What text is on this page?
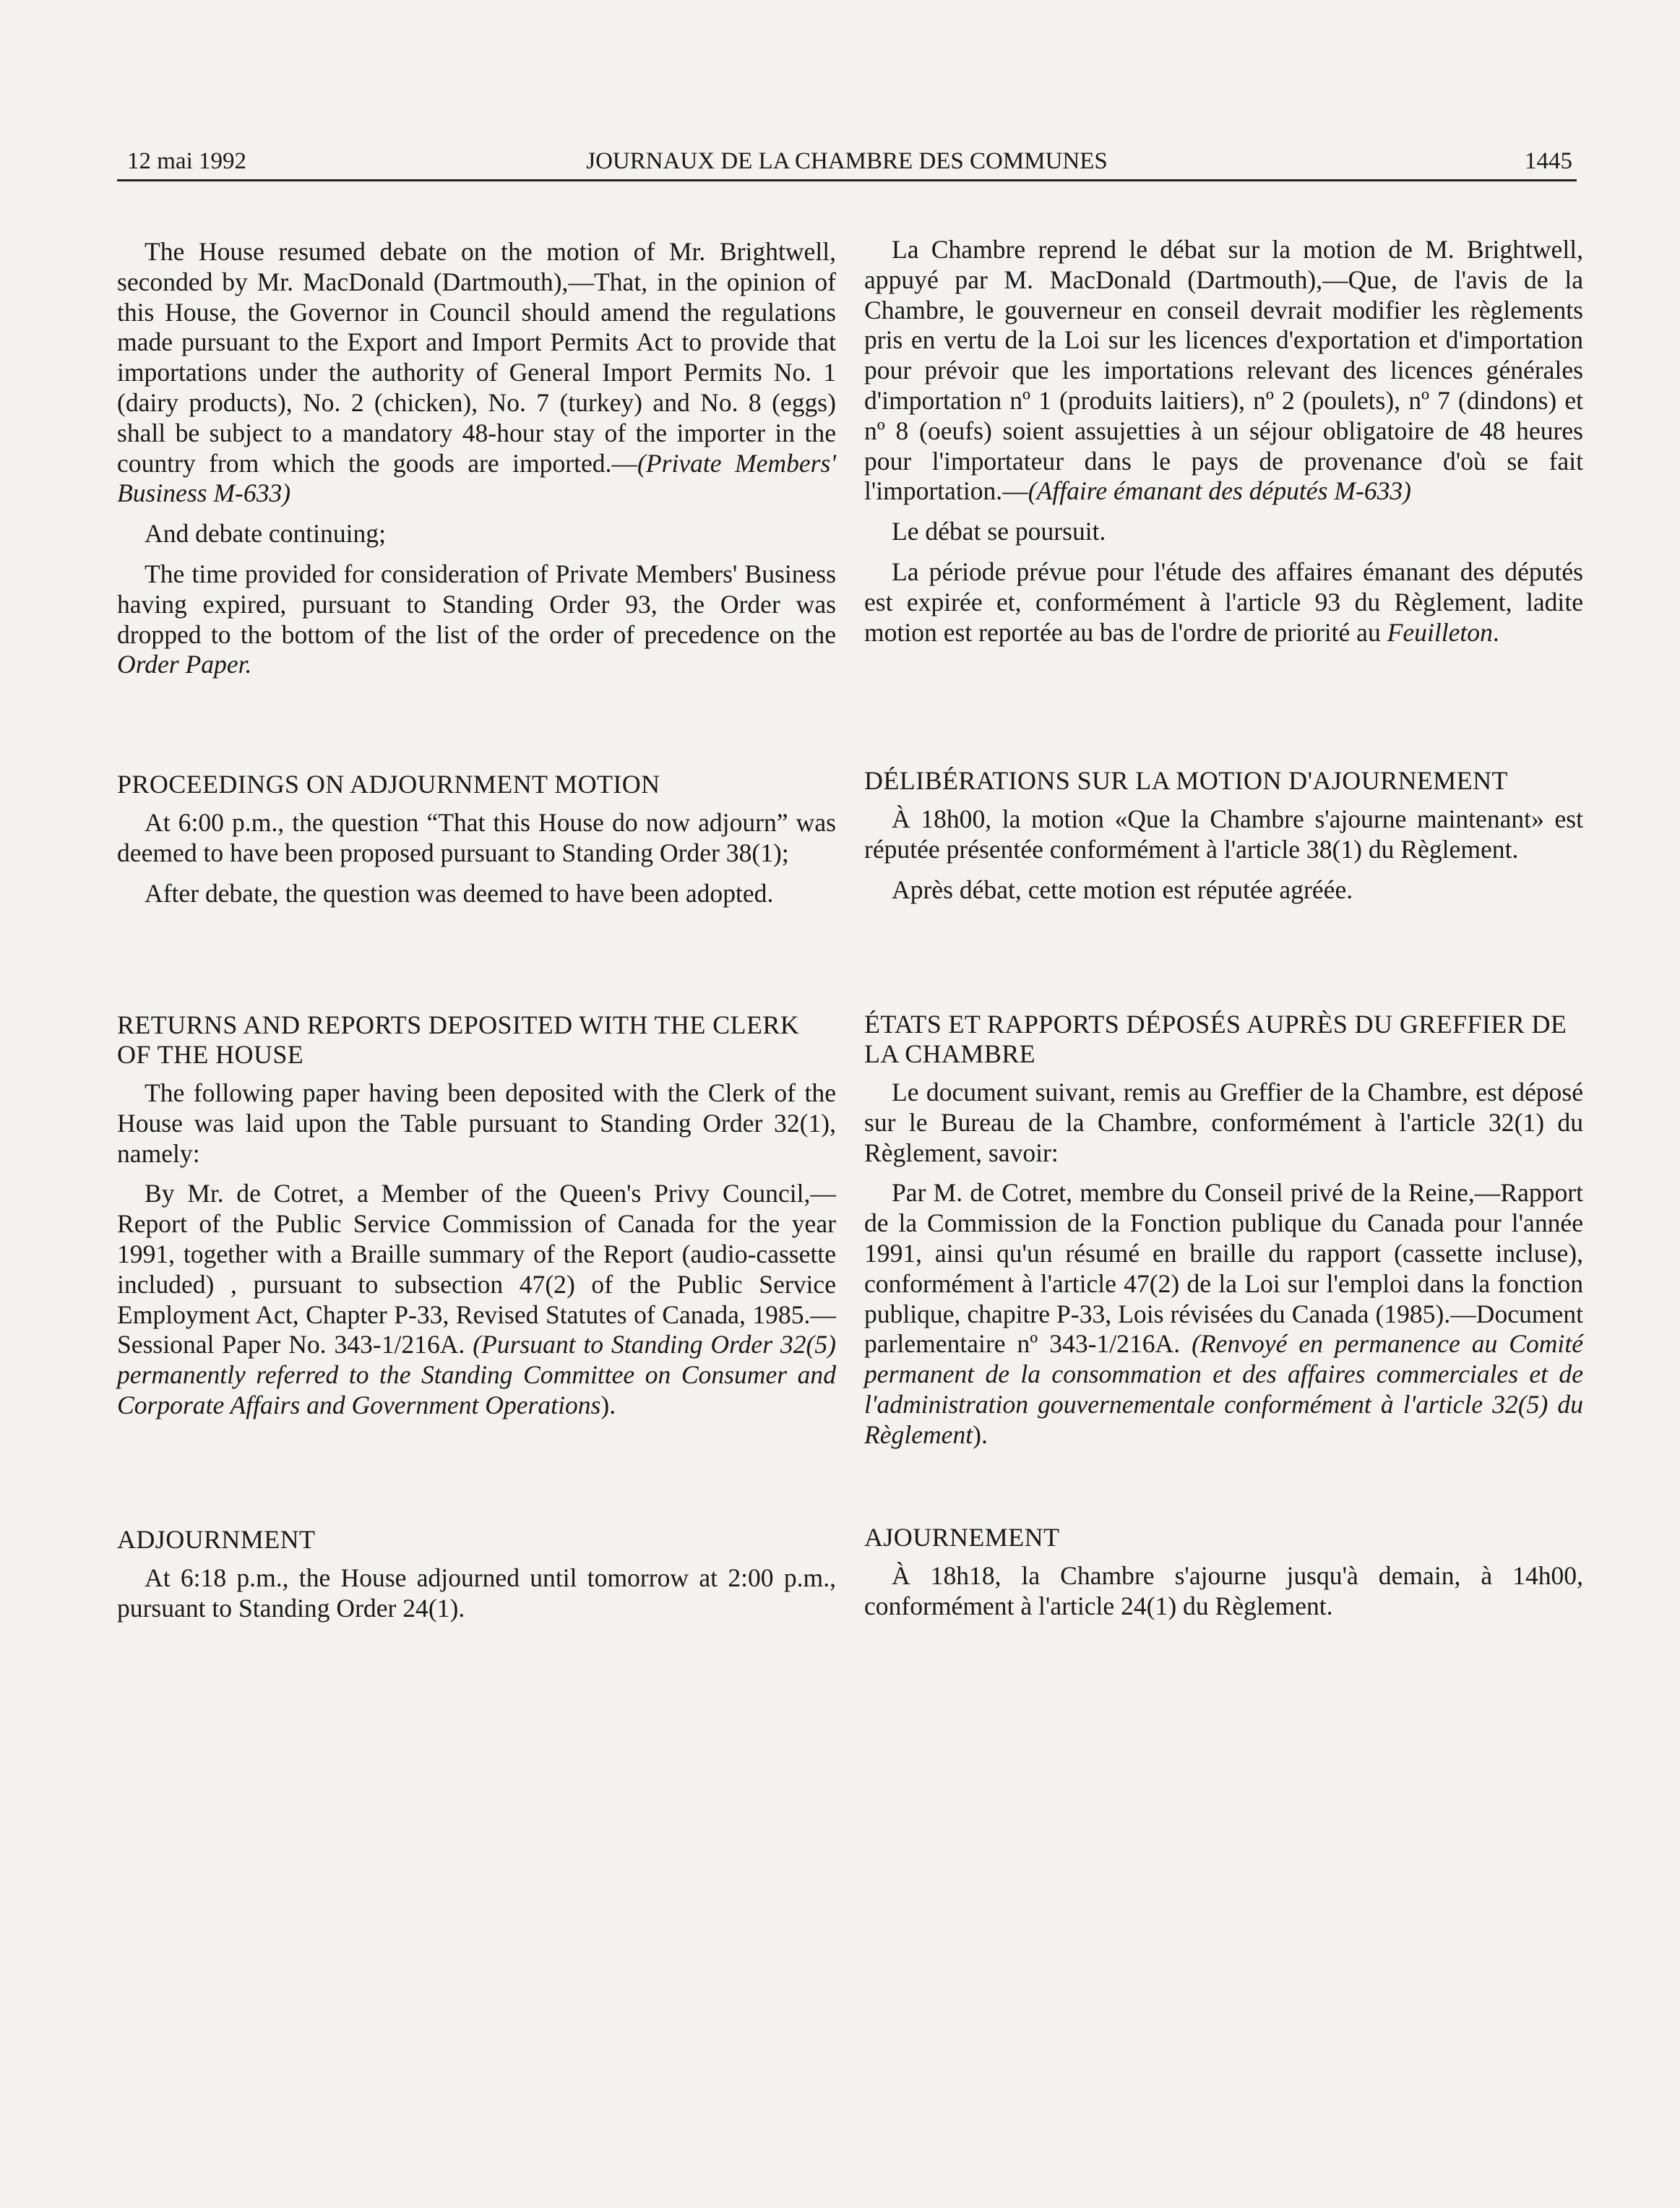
12 mai 1992	JOURNAUX DE LA CHAMBRE DES COMMUNES	1445

The House resumed debate on the motion of Mr. Brightwell, seconded by Mr. MacDonald (Dartmouth),—That, in the opinion of this House, the Governor in Council should amend the regulations made pursuant to the Export and Import Permits Act to provide that importations under the authority of General Import Permits No. 1 (dairy products), No. 2 (chicken), No. 7 (turkey) and No. 8 (eggs) shall be subject to a mandatory 48-hour stay of the importer in the country from which the goods are imported.—(Private Members' Business M-633)

And debate continuing;

The time provided for consideration of Private Members' Business having expired, pursuant to Standing Order 93, the Order was dropped to the bottom of the list of the order of precedence on the Order Paper.

PROCEEDINGS ON ADJOURNMENT MOTION

At 6:00 p.m., the question “That this House do now adjourn” was deemed to have been proposed pursuant to Standing Order 38(1);

After debate, the question was deemed to have been adopted.

RETURNS AND REPORTS DEPOSITED WITH THE CLERK OF THE HOUSE

The following paper having been deposited with the Clerk of the House was laid upon the Table pursuant to Standing Order 32(1), namely:

By Mr. de Cotret, a Member of the Queen's Privy Council,—Report of the Public Service Commission of Canada for the year 1991, together with a Braille summary of the Report (audio-cassette included) , pursuant to subsection 47(2) of the Public Service Employment Act, Chapter P-33, Revised Statutes of Canada, 1985.—Sessional Paper No. 343-1/216A. (Pursuant to Standing Order 32(5) permanently referred to the Standing Committee on Consumer and Corporate Affairs and Government Operations).

ADJOURNMENT

At 6:18 p.m., the House adjourned until tomorrow at 2:00 p.m., pursuant to Standing Order 24(1).

La Chambre reprend le débat sur la motion de M. Brightwell, appuyé par M. MacDonald (Dartmouth),—Que, de l'avis de la Chambre, le gouverneur en conseil devrait modifier les règlements pris en vertu de la Loi sur les licences d'exportation et d'importation pour prévoir que les importations relevant des licences générales d'importation nº 1 (produits laitiers), nº 2 (poulets), nº 7 (dindons) et nº 8 (oeufs) soient assujetties à un séjour obligatoire de 48 heures pour l'importateur dans le pays de provenance d'où se fait l'importation.—(Affaire émanant des députés M-633)

Le débat se poursuit.

La période prévue pour l'étude des affaires émanant des députés est expirée et, conformément à l'article 93 du Règlement, ladite motion est reportée au bas de l'ordre de priorité au Feuilleton.

DÉLIBÉRATIONS SUR LA MOTION D'AJOURNEMENT

À 18h00, la motion «Que la Chambre s'ajourne maintenant» est réputée présentée conformément à l'article 38(1) du Règlement.

Après débat, cette motion est réputée agréée.

ÉTATS ET RAPPORTS DÉPOSÉS AUPRÈS DU GREFFIER DE LA CHAMBRE

Le document suivant, remis au Greffier de la Chambre, est déposé sur le Bureau de la Chambre, conformément à l'article 32(1) du Règlement, savoir:

Par M. de Cotret, membre du Conseil privé de la Reine,—Rapport de la Commission de la Fonction publique du Canada pour l'année 1991, ainsi qu'un résumé en braille du rapport (cassette incluse), conformément à l'article 47(2) de la Loi sur l'emploi dans la fonction publique, chapitre P-33, Lois révisées du Canada (1985).—Document parlementaire nº 343-1/216A. (Renvoyé en permanence au Comité permanent de la consommation et des affaires commerciales et de l'administration gouvernementale conformément à l'article 32(5) du Règlement).

AJOURNEMENT

À 18h18, la Chambre s'ajourne jusqu'à demain, à 14h00, conformément à l'article 24(1) du Règlement.
